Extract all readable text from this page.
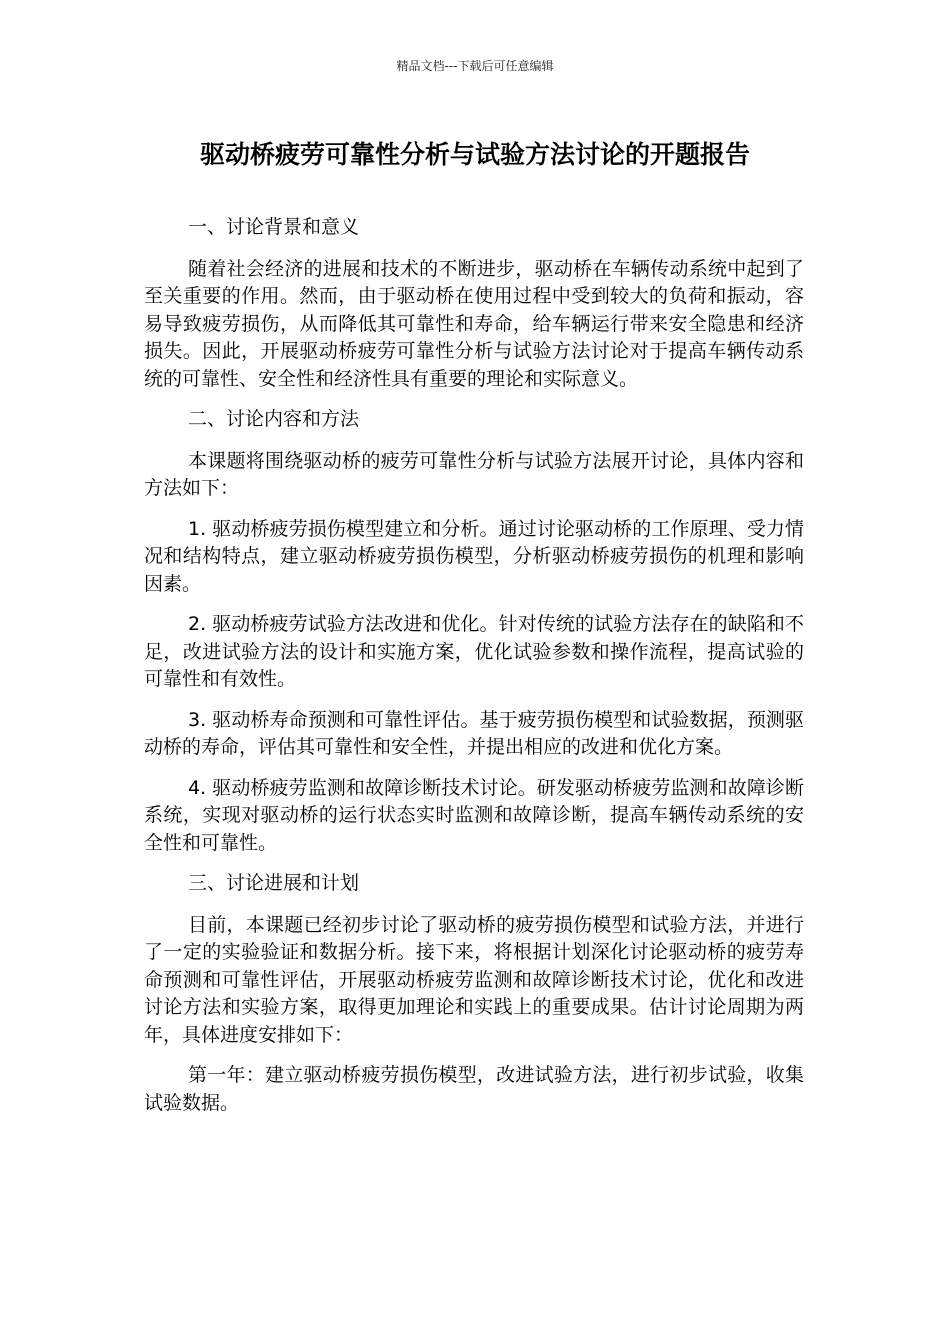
精品文档---下载后可任意编辑
驱动桥疲劳可靠性分析与试验方法讨论的开题报告

一、讨论背景和意义

随着社会经济的进展和技术的不断进步，驱动桥在车辆传动系统中起到了至关重要的作用。然而，由于驱动桥在使用过程中受到较大的负荷和振动，容易导致疲劳损伤，从而降低其可靠性和寿命，给车辆运行带来安全隐患和经济损失。因此，开展驱动桥疲劳可靠性分析与试验方法讨论对于提高车辆传动系统的可靠性、安全性和经济性具有重要的理论和实际意义。

二、讨论内容和方法

本课题将围绕驱动桥的疲劳可靠性分析与试验方法展开讨论，具体内容和方法如下：

1. 驱动桥疲劳损伤模型建立和分析。通过讨论驱动桥的工作原理、受力情况和结构特点，建立驱动桥疲劳损伤模型，分析驱动桥疲劳损伤的机理和影响因素。

2. 驱动桥疲劳试验方法改进和优化。针对传统的试验方法存在的缺陷和不足，改进试验方法的设计和实施方案，优化试验参数和操作流程，提高试验的可靠性和有效性。

3. 驱动桥寿命预测和可靠性评估。基于疲劳损伤模型和试验数据，预测驱动桥的寿命，评估其可靠性和安全性，并提出相应的改进和优化方案。

4. 驱动桥疲劳监测和故障诊断技术讨论。研发驱动桥疲劳监测和故障诊断系统，实现对驱动桥的运行状态实时监测和故障诊断，提高车辆传动系统的安全性和可靠性。

三、讨论进展和计划

目前，本课题已经初步讨论了驱动桥的疲劳损伤模型和试验方法，并进行了一定的实验验证和数据分析。接下来，将根据计划深化讨论驱动桥的疲劳寿命预测和可靠性评估，开展驱动桥疲劳监测和故障诊断技术讨论，优化和改进讨论方法和实验方案，取得更加理论和实践上的重要成果。估计讨论周期为两年，具体进度安排如下：

第一年：建立驱动桥疲劳损伤模型，改进试验方法，进行初步试验，收集试验数据。
